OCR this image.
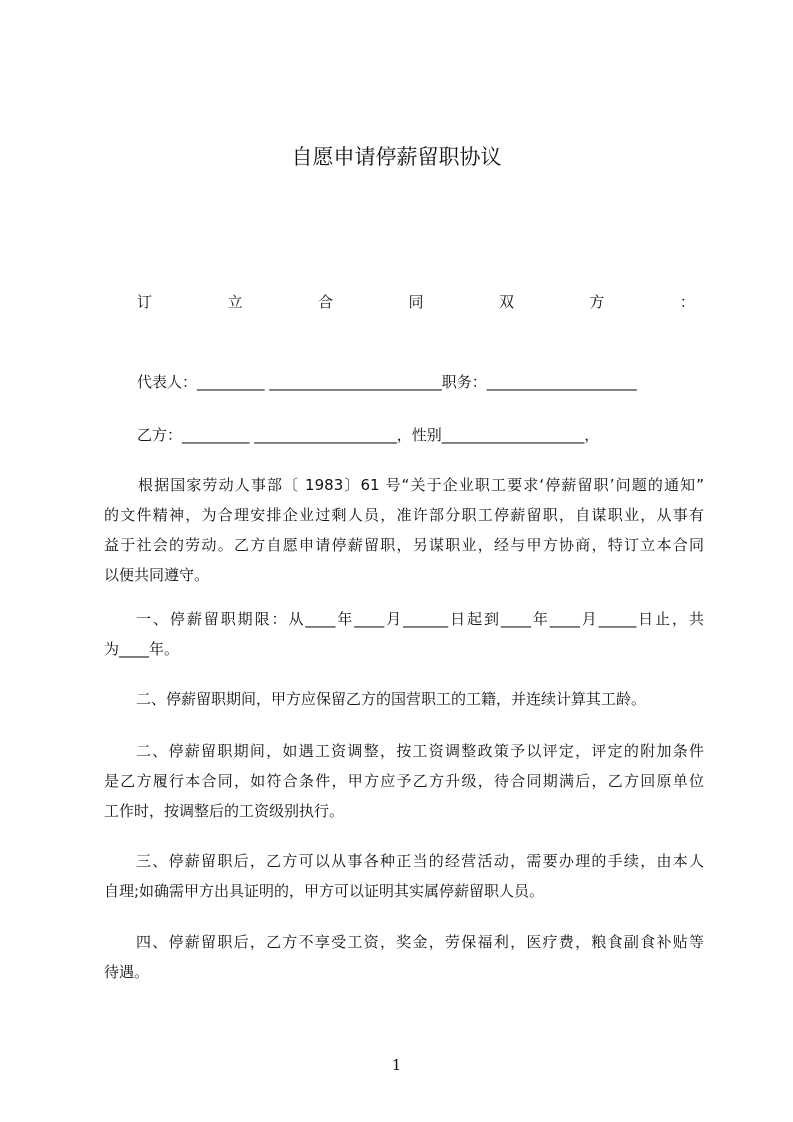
自愿申请停薪留职协议
订	立	合	同	双	方	：
代表人：_________ _______________________职务：____________________
乙方：_________ ___________________，性别___________________，
根据国家劳动人事部〔 1983〕61 号“关于企业职工要求‘停薪留职’问题的通知”
的文件精神，为合理安排企业过剩人员，准许部分职工停薪留职，自谋职业，从事有
益于社会的劳动。乙方自愿申请停薪留职，另谋职业，经与甲方协商，特订立本合同
以便共同遵守。
一、停薪留职期限：从____年____月______日起到____年____月_____日止，共
为____年。
二、停薪留职期间，甲方应保留乙方的国营职工的工籍，并连续计算其工龄。
二、停薪留职期间，如遇工资调整，按工资调整政策予以评定，评定的附加条件
是乙方履行本合同，如符合条件，甲方应予乙方升级，待合同期满后，乙方回原单位
工作时，按调整后的工资级别执行。
三、停薪留职后，乙方可以从事各种正当的经营活动，需要办理的手续，由本人
自理;如确需甲方出具证明的，甲方可以证明其实属停薪留职人员。
四、停薪留职后，乙方不享受工资，奖金，劳保福利，医疗费，粮食副食补贴等
待遇。
1
